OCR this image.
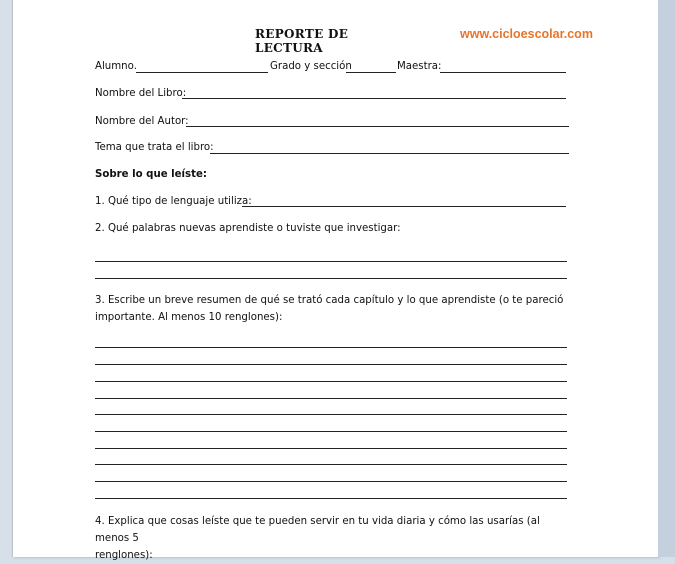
REPORTE DE LECTURA
www.cicloescolar.com
Alumno.	Grado y sección	Maestra:
Nombre del Libro:
Nombre del Autor:
Tema que trata el libro:
Sobre lo que leíste:
1. Qué tipo de lenguaje utiliza:
2. Qué palabras nuevas aprendiste o tuviste que investigar:
3. Escribe un breve resumen de qué se trató cada capítulo y lo que aprendiste (o te pareció
importante. Al menos 10 renglones):
4. Explica que cosas leíste que te pueden servir en tu vida diaria y cómo las usarías (al menos 5
renglones):
